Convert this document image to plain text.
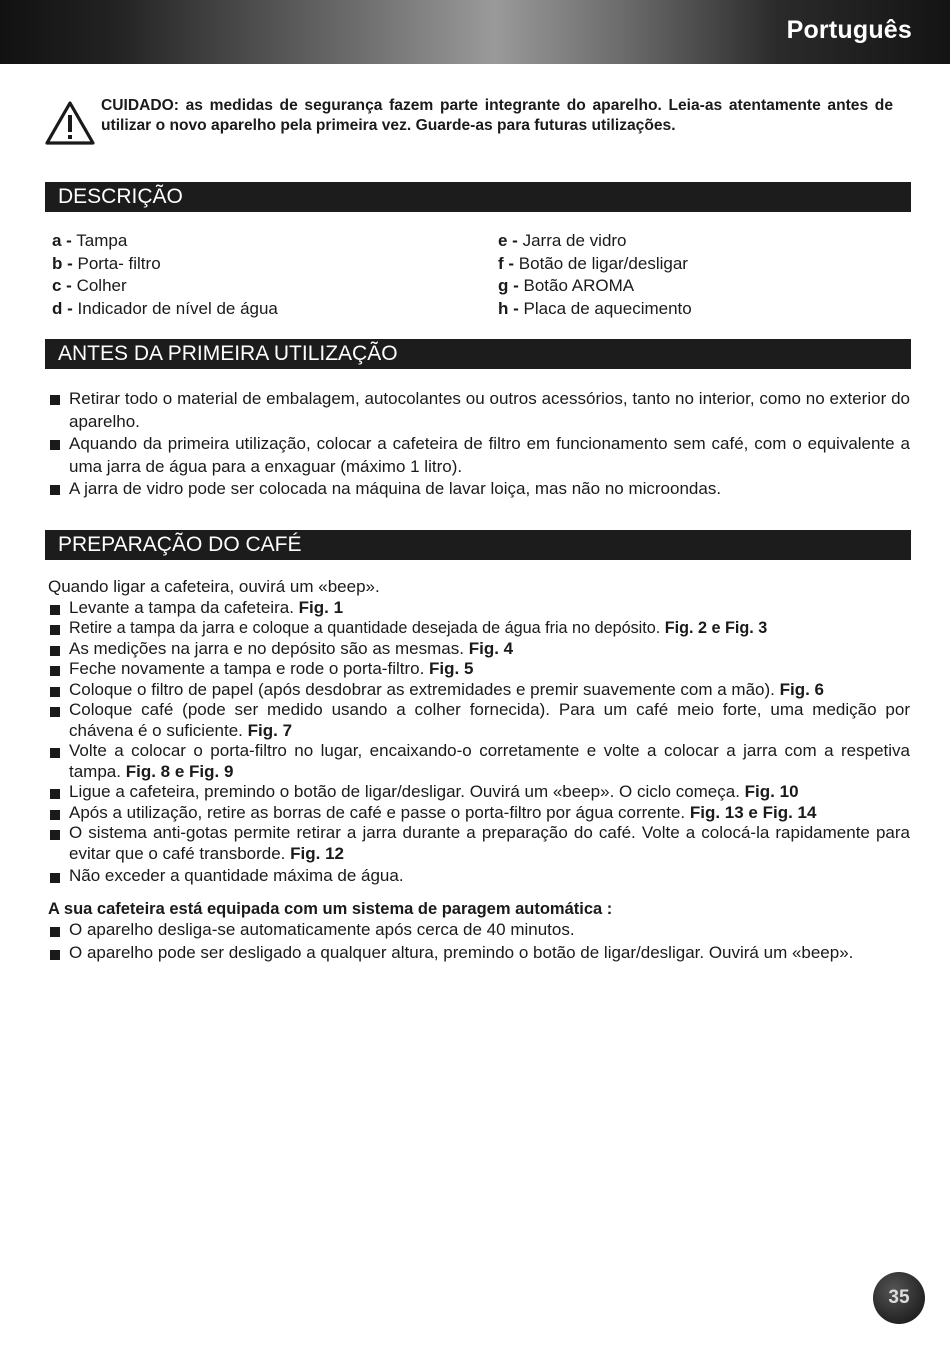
Português
CUIDADO: as medidas de segurança fazem parte integrante do aparelho. Leia-as atentamente antes de utilizar o novo aparelho pela primeira vez. Guarde-as para futuras utilizações.
DESCRIÇÃO
a - Tampa
b - Porta- filtro
c - Colher
d - Indicador de nível de água
e - Jarra de vidro
f - Botão de ligar/desligar
g - Botão AROMA
h - Placa de aquecimento
ANTES DA PRIMEIRA UTILIZAÇÃO
Retirar todo o material de embalagem, autocolantes ou outros acessórios, tanto no interior, como no exterior do aparelho.
Aquando da primeira utilização, colocar a cafeteira de filtro em funcionamento sem café, com o equivalente a uma jarra de água para a enxaguar (máximo 1 litro).
A jarra de vidro pode ser colocada na máquina de lavar loiça, mas não no microondas.
PREPARAÇÃO DO CAFÉ
Quando ligar a cafeteira, ouvirá um «beep».
Levante a tampa da cafeteira. Fig. 1
Retire a tampa da jarra e coloque a quantidade desejada de água fria no depósito. Fig. 2 e Fig. 3
As medições na jarra e no depósito são as mesmas. Fig. 4
Feche novamente a tampa e rode o porta-filtro. Fig. 5
Coloque o filtro de papel (após desdobrar as extremidades e premir suavemente com a mão). Fig. 6
Coloque café (pode ser medido usando a colher fornecida). Para um café meio forte, uma medição por chávena é o suficiente. Fig. 7
Volte a colocar o porta-filtro no lugar, encaixando-o corretamente e volte a colocar a jarra com a respetiva tampa. Fig. 8 e Fig. 9
Ligue a cafeteira, premindo o botão de ligar/desligar. Ouvirá um «beep». O ciclo começa. Fig. 10
Após a utilização, retire as borras de café e passe o porta-filtro por água corrente. Fig. 13 e Fig. 14
O sistema anti-gotas permite retirar a jarra durante a preparação do café. Volte a colocá-la rapidamente para evitar que o café transborde. Fig. 12
Não exceder a quantidade máxima de água.
A sua cafeteira está equipada com um sistema de paragem automática :
O aparelho desliga-se automaticamente após cerca de 40 minutos.
O aparelho pode ser desligado a qualquer altura, premindo o botão de ligar/desligar. Ouvirá um «beep».
35
